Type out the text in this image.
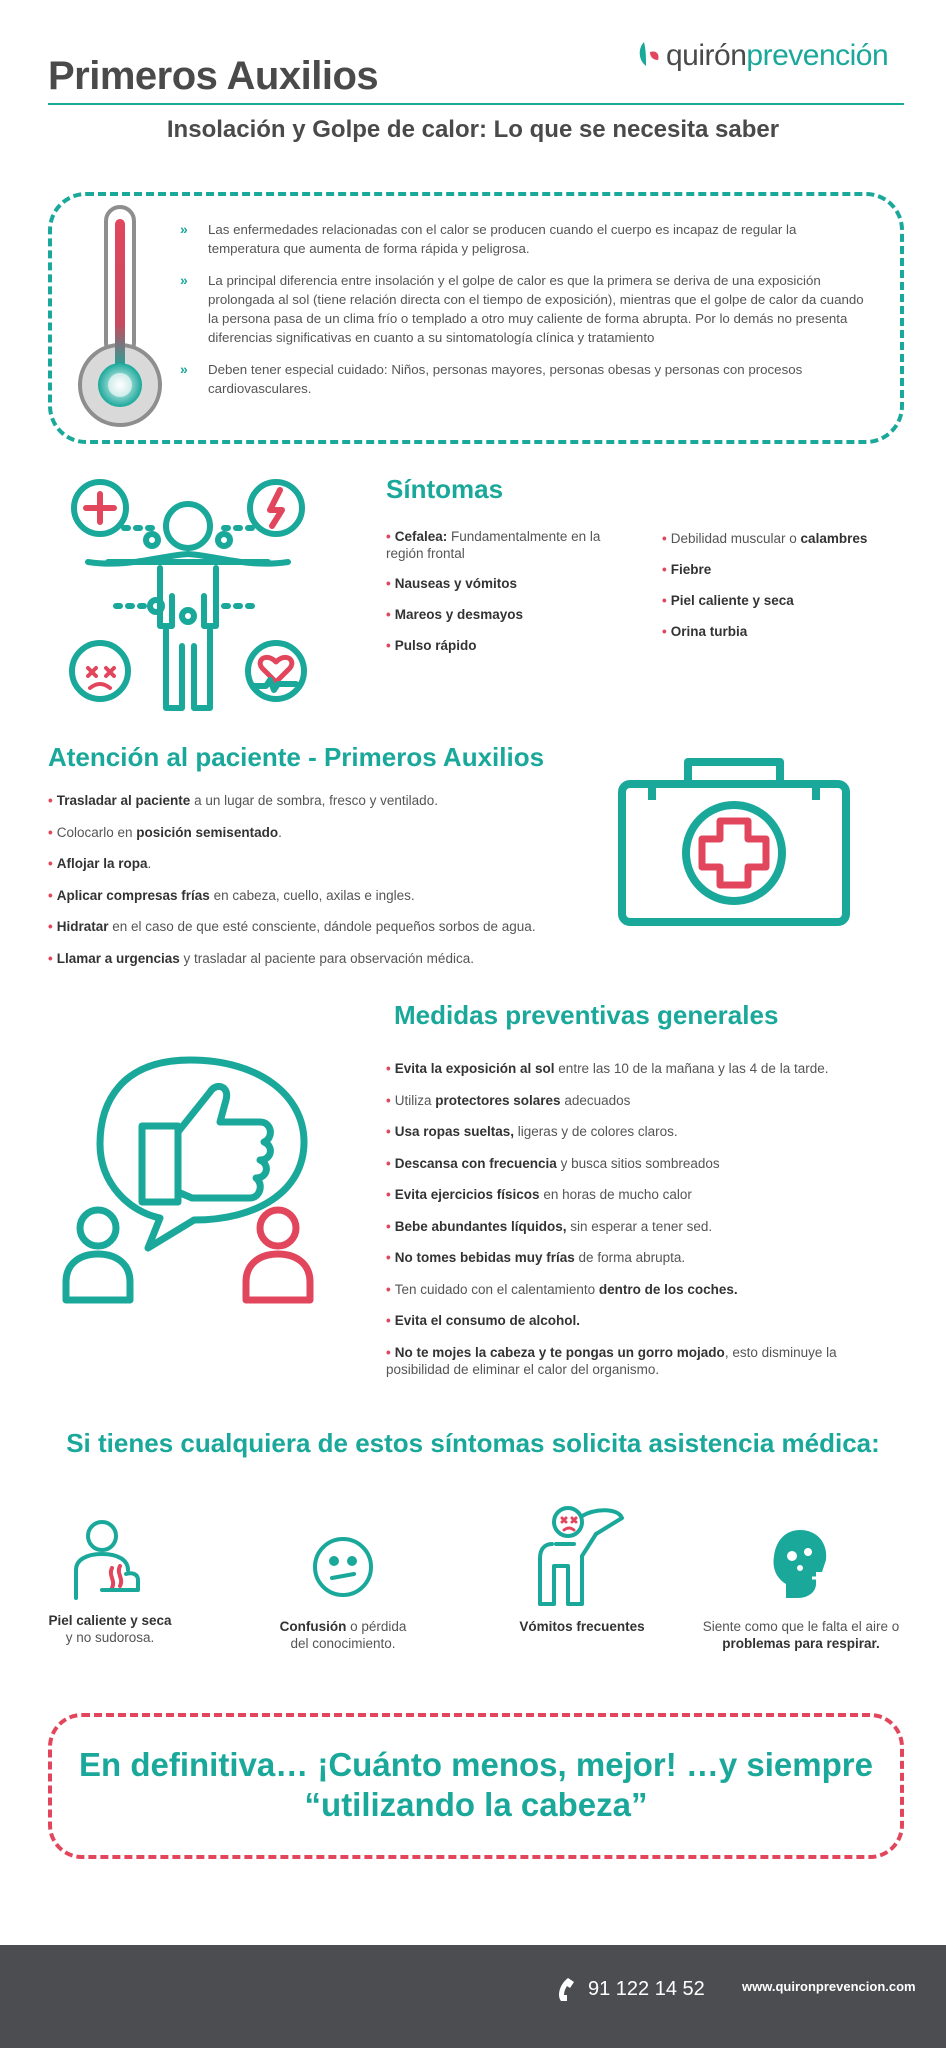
Primeros Auxilios	quirónprevención
Insolación y Golpe de calor: Lo que se necesita saber
» Las enfermedades relacionadas con el calor se producen cuando el cuerpo es incapaz de regular la temperatura que aumenta de forma rápida y peligrosa.
» La principal diferencia entre insolación y el golpe de calor es que la primera se deriva de una exposición prolongada al sol (tiene relación directa con el tiempo de exposición), mientras que el golpe de calor da cuando la persona pasa de un clima frío o templado a otro muy caliente de forma abrupta. Por lo demás no presenta diferencias significativas en cuanto a su sintomatología clínica y tratamiento
» Deben tener especial cuidado: Niños, personas mayores, personas obesas y personas con procesos cardiovasculares.
Síntomas
• Cefalea: Fundamentalmente en la región frontal
• Nauseas y vómitos
• Mareos y desmayos
• Pulso rápido
• Debilidad muscular o calambres
• Fiebre
• Piel caliente y seca
• Orina turbia
Atención al paciente - Primeros Auxilios
• Trasladar al paciente a un lugar de sombra, fresco y ventilado.
• Colocarlo en posición semisentado.
• Aflojar la ropa.
• Aplicar compresas frías en cabeza, cuello, axilas e ingles.
• Hidratar en el caso de que esté consciente, dándole pequeños sorbos de agua.
• Llamar a urgencias y trasladar al paciente para observación médica.
Medidas preventivas generales
• Evita la exposición al sol entre las 10 de la mañana y las 4 de la tarde.
• Utiliza protectores solares adecuados
• Usa ropas sueltas, ligeras y de colores claros.
• Descansa con frecuencia y busca sitios sombreados
• Evita ejercicios físicos en horas de mucho calor
• Bebe abundantes líquidos, sin esperar a tener sed.
• No tomes bebidas muy frías de forma abrupta.
• Ten cuidado con el calentamiento dentro de los coches.
• Evita el consumo de alcohol.
• No te mojes la cabeza y te pongas un gorro mojado, esto disminuye la posibilidad de eliminar el calor del organismo.
Si tienes cualquiera de estos síntomas solicita asistencia médica:
Piel caliente y seca
y no sudorosa.
Confusión o pérdida
del conocimiento.
Vómitos frecuentes	Siente como que le falta el aire o
problemas para respirar.
En definitiva… ¡Cuánto menos, mejor! …y siempre
“utilizando la cabeza”
91 122 14 52	www.quironprevencion.com
